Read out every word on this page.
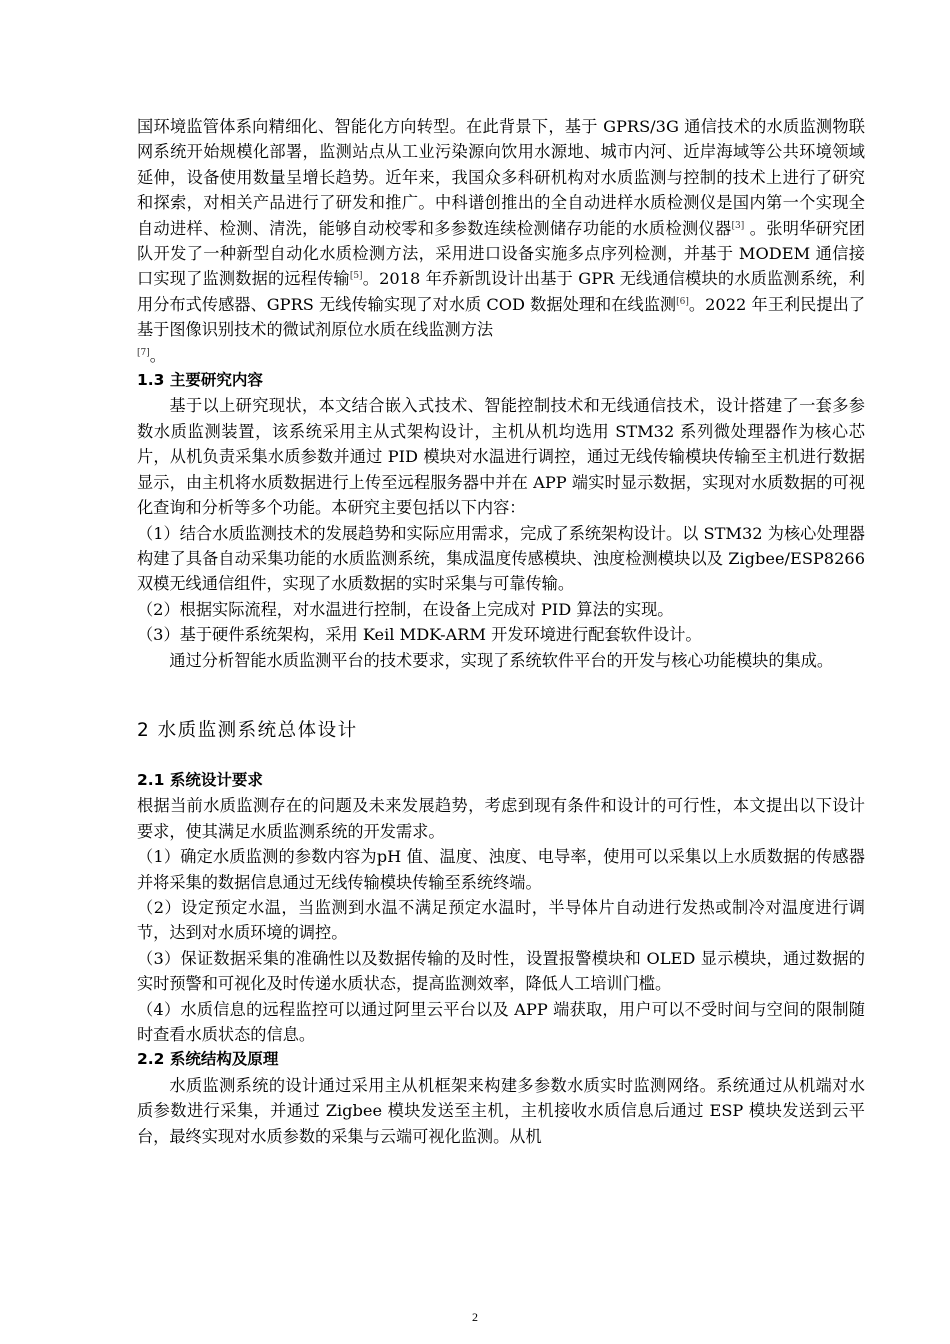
国环境监管体系向精细化、智能化方向转型。在此背景下，基于 GPRS/3G 通信技术的水质监测物联网系统开始规模化部署，监测站点从工业污染源向饮用水源地、城市内河、近岸海域等公共环境领域延伸，设备使用数量呈增长趋势。近年来，我国众多科研机构对水质监测与控制的技术上进行了研究和探索，对相关产品进行了研发和推广。中科谱创推出的全自动进样水质检测仪是国内第一个实现全自动进样、检测、清洗，能够自动校零和多参数连续检测储存功能的水质检测仪器[3] 。张明华研究团队开发了一种新型自动化水质检测方法，采用进口设备实施多点序列检测，并基于 MODEM 通信接口实现了监测数据的远程传输[5]。2018 年乔新凯设计出基于 GPR 无线通信模块的水质监测系统，利用分布式传感器、GPRS 无线传输实现了对水质 COD 数据处理和在线监测[6]。2022 年王利民提出了基于图像识别技术的微试剂原位水质在线监测方法
[7]。

1.3 主要研究内容

基于以上研究现状，本文结合嵌入式技术、智能控制技术和无线通信技术，设计搭建了一套多参数水质监测装置，该系统采用主从式架构设计，主机从机均选用 STM32 系列微处理器作为核心芯片，从机负责采集水质参数并通过 PID 模块对水温进行调控，通过无线传输模块传输至主机进行数据显示，由主机将水质数据进行上传至远程服务器中并在 APP 端实时显示数据，实现对水质数据的可视化查询和分析等多个功能。本研究主要包括以下内容：

（1）结合水质监测技术的发展趋势和实际应用需求，完成了系统架构设计。以 STM32 为核心处理器构建了具备自动采集功能的水质监测系统，集成温度传感模块、浊度检测模块以及 Zigbee/ESP8266 双模无线通信组件，实现了水质数据的实时采集与可靠传输。

（2）根据实际流程，对水温进行控制，在设备上完成对 PID 算法的实现。

（3）基于硬件系统架构，采用 Keil MDK-ARM 开发环境进行配套软件设计。

通过分析智能水质监测平台的技术要求，实现了系统软件平台的开发与核心功能模块的集成。

2 水质监测系统总体设计
2.1 系统设计要求

根据当前水质监测存在的问题及未来发展趋势，考虑到现有条件和设计的可行性，本文提出以下设计要求，使其满足水质监测系统的开发需求。

（1）确定水质监测的参数内容为pH 值、温度、浊度、电导率，使用可以采集以上水质数据的传感器并将采集的数据信息通过无线传输模块传输至系统终端。

（2）设定预定水温，当监测到水温不满足预定水温时，半导体片自动进行发热或制冷对温度进行调节，达到对水质环境的调控。

（3）保证数据采集的准确性以及数据传输的及时性，设置报警模块和 OLED 显示模块，通过数据的实时预警和可视化及时传递水质状态，提高监测效率，降低人工培训门槛。

（4）水质信息的远程监控可以通过阿里云平台以及 APP 端获取，用户可以不受时间与空间的限制随时查看水质状态的信息。

2.2 系统结构及原理

水质监测系统的设计通过采用主从机框架来构建多参数水质实时监测网络。系统通过从机端对水质参数进行采集，并通过 Zigbee 模块发送至主机，主机接收水质信息后通过 ESP 模块发送到云平台，最终实现对水质参数的采集与云端可视化监测。从机

2
